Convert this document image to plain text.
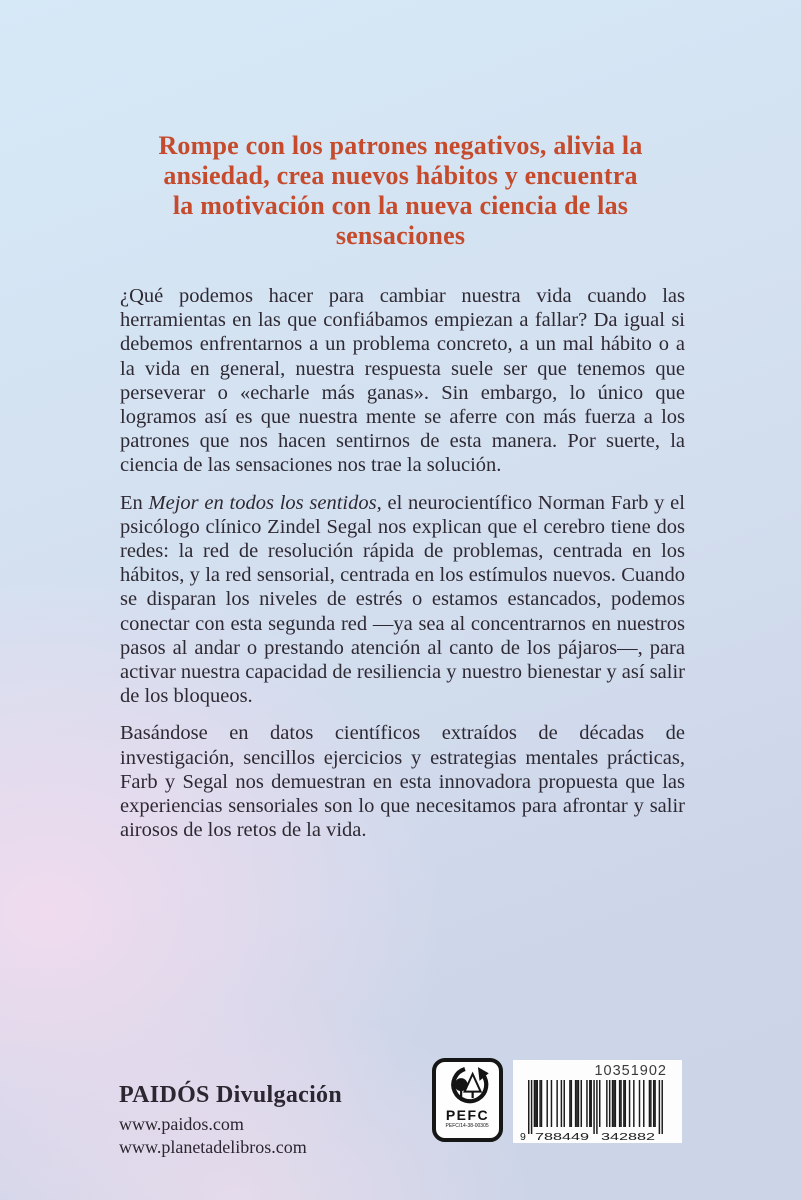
Rompe con los patrones negativos, alivia la
ansiedad, crea nuevos hábitos y encuentra
la motivación con la nueva ciencia de las
sensaciones

¿Qué podemos hacer para cambiar nuestra vida cuando las herramientas en las que confiábamos empiezan a fallar? Da igual si debemos enfrentarnos a un problema concreto, a un mal hábito o a la vida en general, nuestra respuesta suele ser que tenemos que perseverar o «echarle más ganas». Sin embargo, lo único que logramos así es que nuestra mente se aferre con más fuerza a los patrones que nos hacen sentirnos de esta manera. Por suerte, la ciencia de las sensaciones nos trae la solución.

En Mejor en todos los sentidos, el neurocientífico Norman Farb y el psicólogo clínico Zindel Segal nos explican que el cerebro tiene dos redes: la red de resolución rápida de problemas, centrada en los hábitos, y la red sensorial, centrada en los estímulos nuevos. Cuando se disparan los niveles de estrés o estamos estancados, podemos conectar con esta segunda red —ya sea al concentrarnos en nuestros pasos al andar o prestando atención al canto de los pájaros—, para activar nuestra capacidad de resiliencia y nuestro bienestar y así salir de los bloqueos.

Basándose en datos científicos extraídos de décadas de investigación, sencillos ejercicios y estrategias mentales prácticas, Farb y Segal nos demuestran en esta innovadora propuesta que las experiencias sensoriales son lo que necesitamos para afrontar y salir airosos de los retos de la vida.

PAIDÓS Divulgación
www.paidos.com
www.planetadelibros.com
PEFC
PEFC/14-38-00305
10351902
9 788449 342882
